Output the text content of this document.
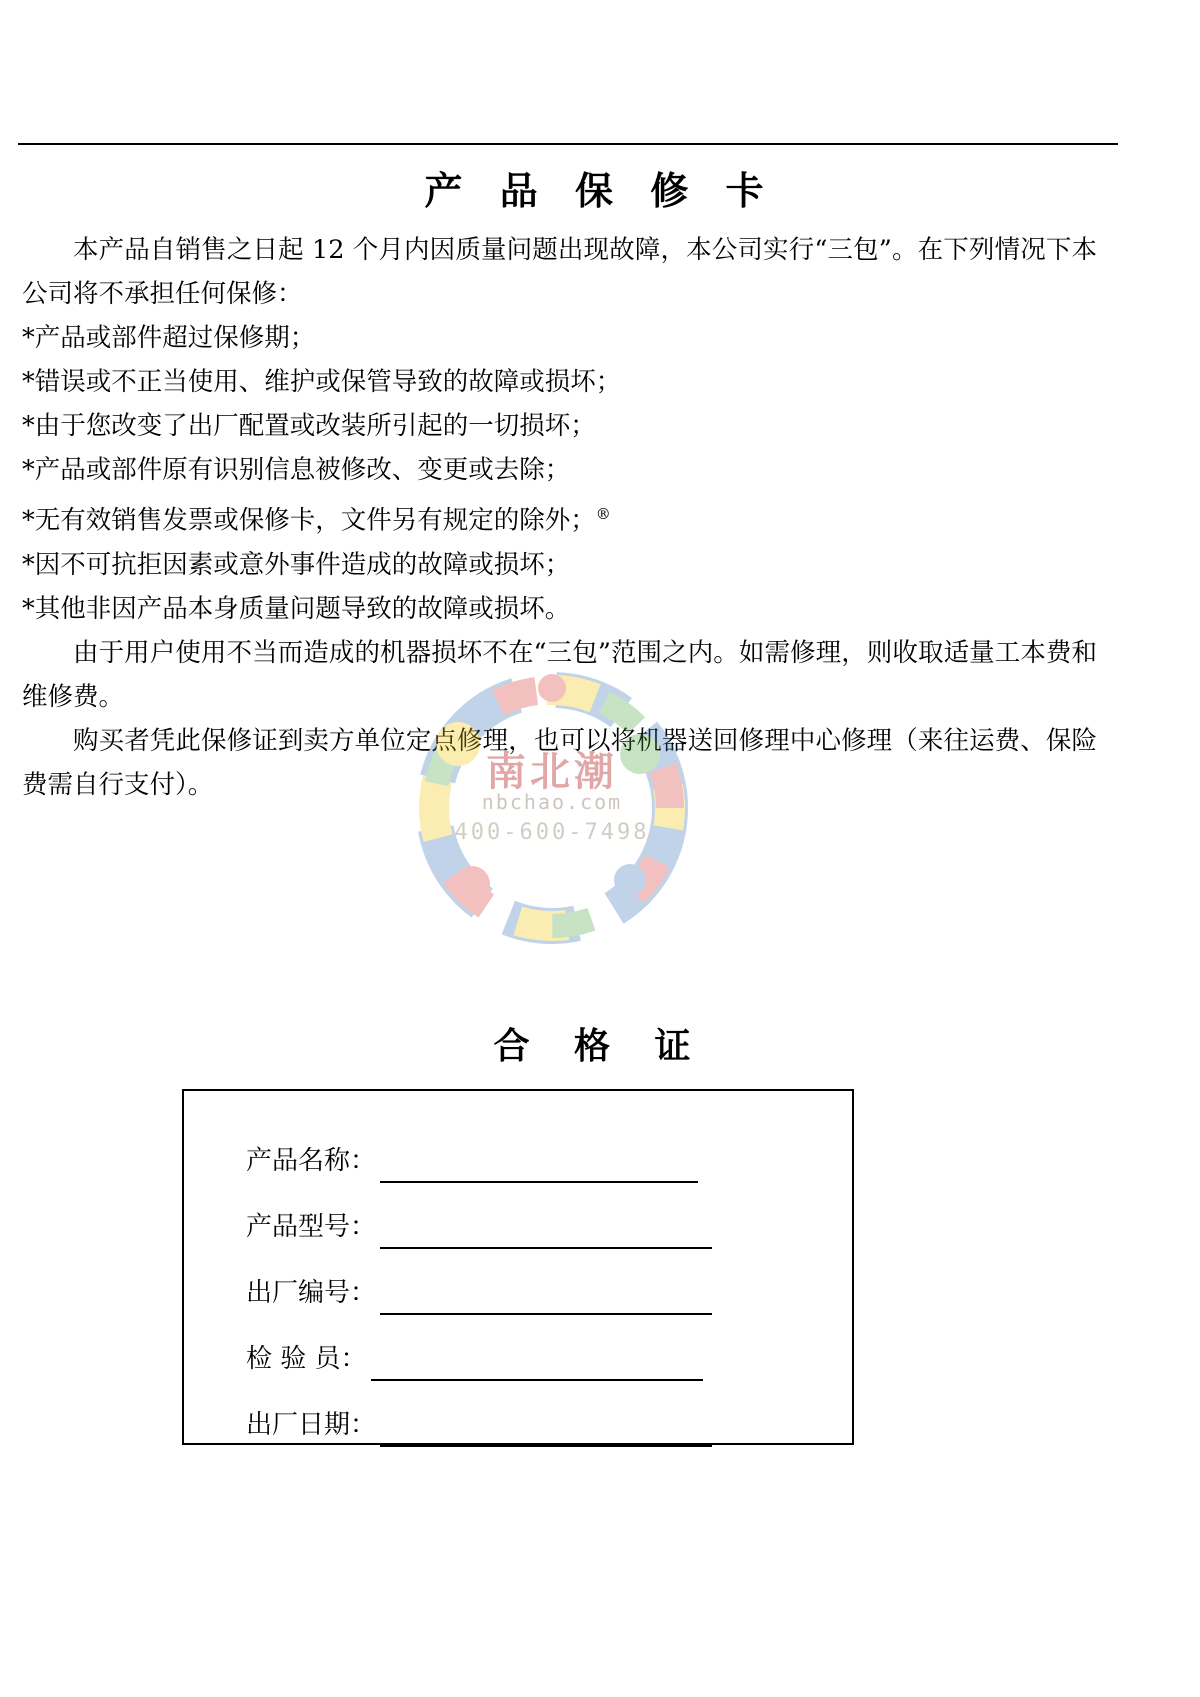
产 品 保 修 卡

本产品自销售之日起 12 个月内因质量问题出现故障，本公司实行“三包”。在下列情况下本公司将不承担任何保修：

*产品或部件超过保修期；

*错误或不正当使用、维护或保管导致的故障或损坏；

*由于您改变了出厂配置或改装所引起的一切损坏；

*产品或部件原有识别信息被修改、变更或去除；

*无有效销售发票或保修卡，文件另有规定的除外；®

*因不可抗拒因素或意外事件造成的故障或损坏；

*其他非因产品本身质量问题导致的故障或损坏。

由于用户使用不当而造成的机器损坏不在“三包”范围之内。如需修理，则收取适量工本费和维修费。

购买者凭此保修证到卖方单位定点修理，也可以将机器送回修理中心修理（来往运费、保险费需自行支付）。	南北潮
nbchao.com
400-600-7498
合 格 证
产品名称：
产品型号：
出厂编号：
检 验 员：
出厂日期：
